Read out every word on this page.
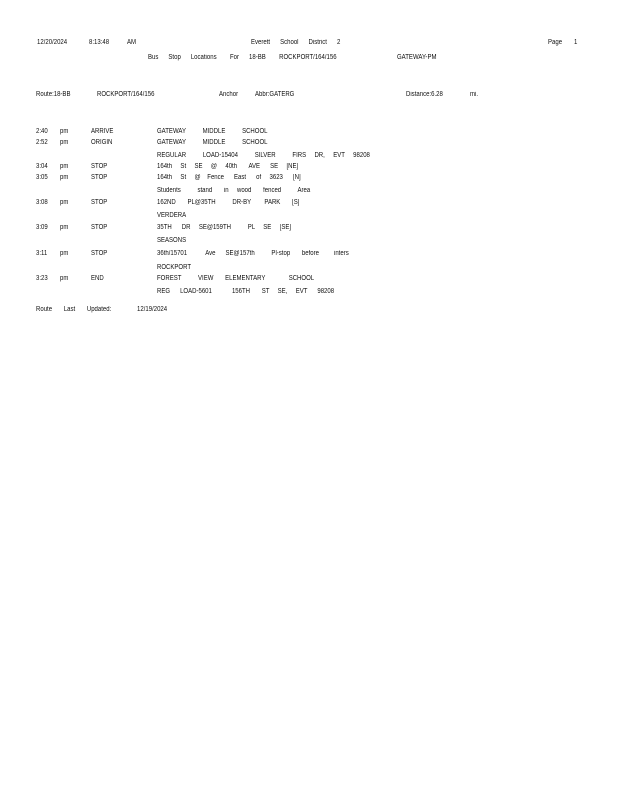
12/20/2024	8:13:48	AM	Everett      School      District      2	Page 1
Bus      Stop      Locations        For      18-BB        ROCKPORT/164/156	GATEWAY-PM
Route:18-BB	ROCKPORT/164/156	Anchor Abbr:GATERG	Distance:6.28	mi.
2:40 pm	ARRIVE	GATEWAY          MIDDLE          SCHOOL
2:52 pm	ORIGIN	GATEWAY          MIDDLE          SCHOOL
REGULAR          LOAD-15404          SILVER          FIRS     DR,     EVT     98208
3:04 pm	STOP	164th     St     SE     @     40th       AVE      SE     [NE]
3:05 pm	STOP	164th     St     @    Fence      East      of     3623      [N]
Students          stand       in     wood       fenced          Area
3:08 pm	STOP	162ND       PL@35TH          DR-BY        PARK       [S]
VERDERA
3:09 pm	STOP	35TH      DR     SE@159TH          PL     SE     [SE]
SEASONS
3:11 pm	STOP	36th/15701           Ave      SE@157th          Pl-stop       before         inters
ROCKPORT
3:23 pm	END	FOREST          VIEW       ELEMENTARY              SCHOOL
REG      LOAD-5601            156TH       ST     SE,     EVT      98208
Route       Last       Updated:	12/19/2024
